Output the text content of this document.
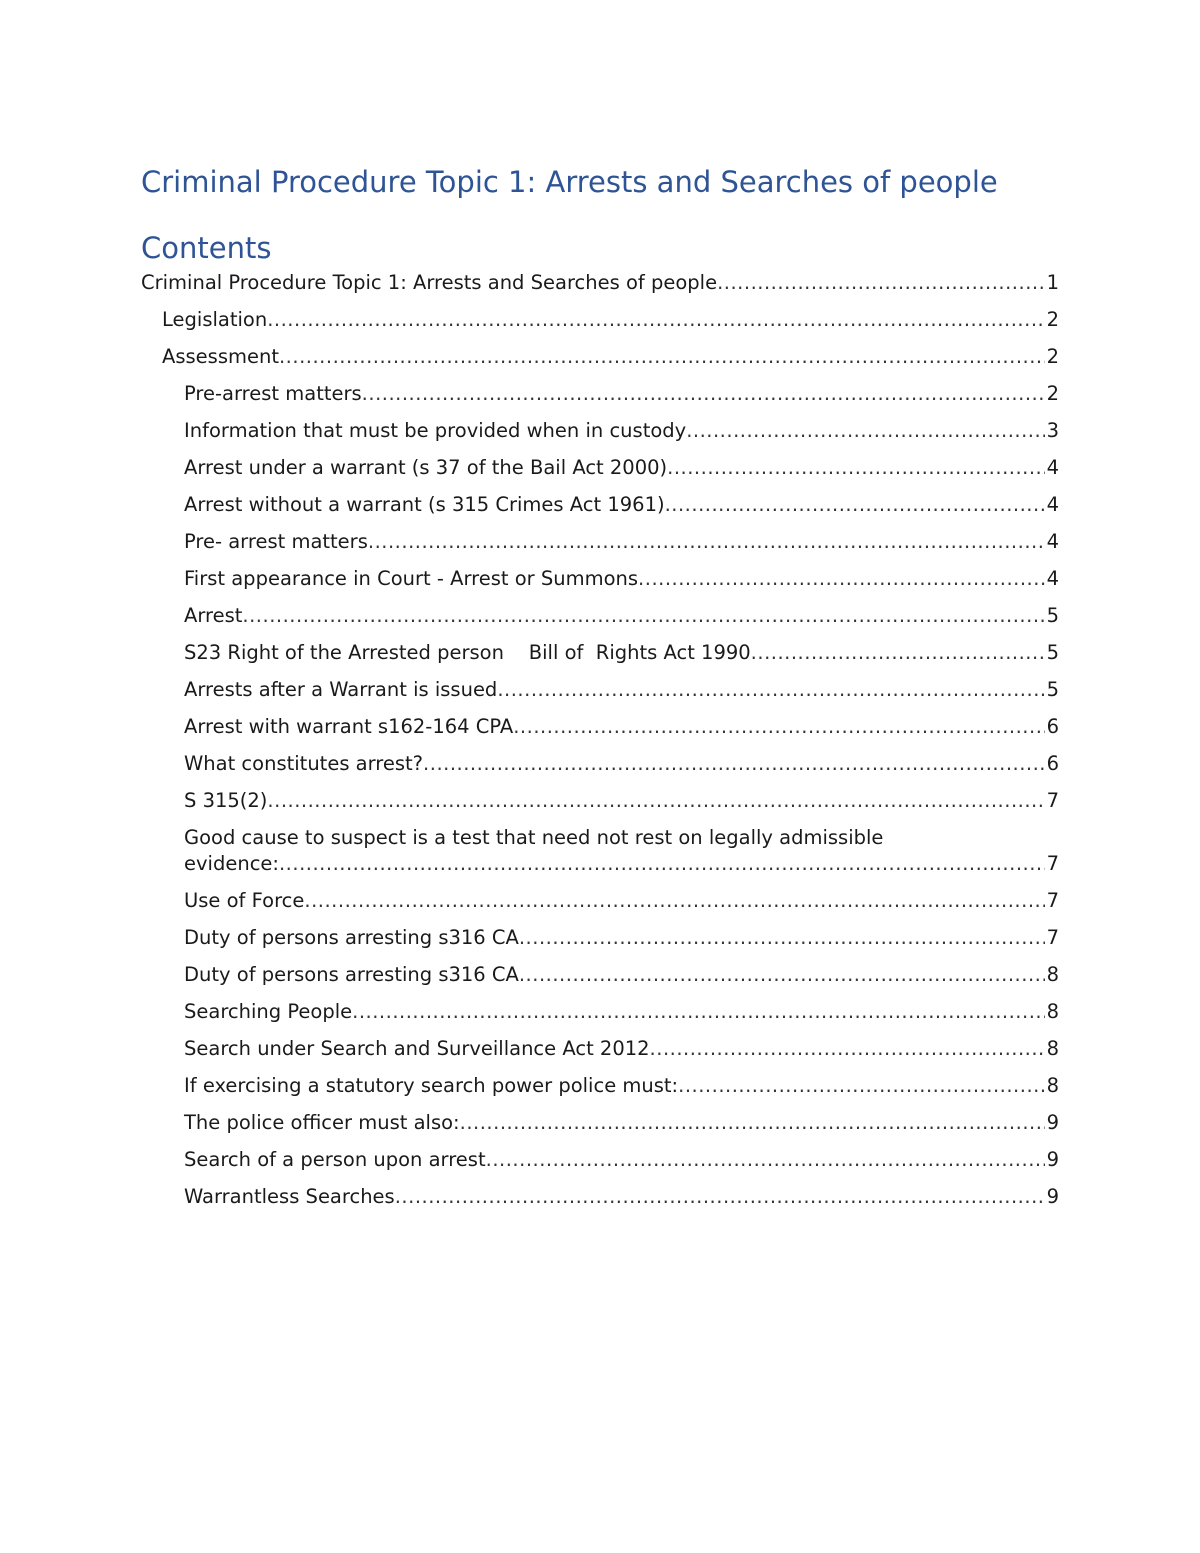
Criminal Procedure Topic 1: Arrests and Searches of people
Contents
Criminal Procedure Topic 1: Arrests and Searches of people .....	1
Legislation .....	2
Assessment .....	2
Pre-arrest matters .....	2
Information that must be provided when in custody .....	3
Arrest under a warrant (s 37 of the Bail Act 2000) .....	4
Arrest without a warrant (s 315 Crimes Act 1961) .....	4
Pre- arrest matters .....	4
First appearance in Court - Arrest or Summons .....	4
Arrest .....	5
S23 Right of the Arrested person    Bill of  Rights Act 1990 .....	5
Arrests after a Warrant is issued .....	5
Arrest with warrant s162-164 CPA .....	6
What constitutes arrest? .....	6
S 315(2) .....	7
Good cause to suspect is a test that need not rest on legally admissible
evidence: .....	7
Use of Force .....	7
Duty of persons arresting s316 CA .....	7
Duty of persons arresting s316 CA .....	8
Searching People .....	8
Search under Search and Surveillance Act 2012 .....	8
If exercising a statutory search power police must: .....	8
The police officer must also: .....	9
Search of a person upon arrest .....	9
Warrantless Searches .....	9
